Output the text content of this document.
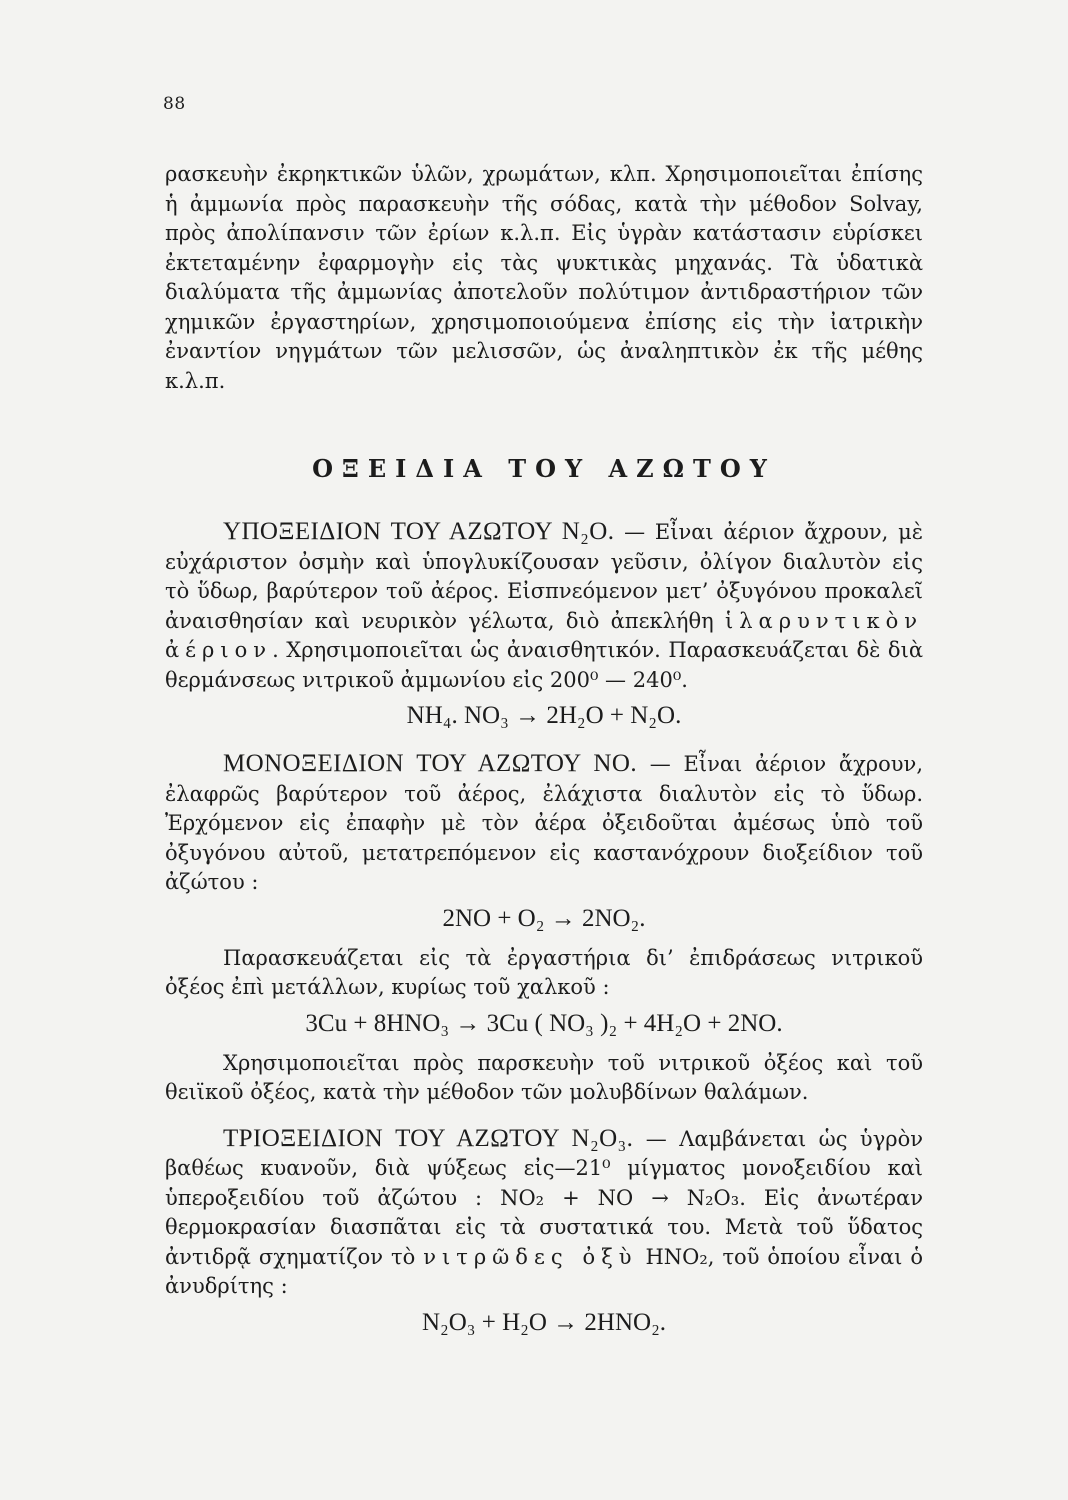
88

ρασκευὴν ἐκρηκτικῶν ὑλῶν, χρωμάτων, κλπ. Χρησιμοποιεῖται ἐπίσης ἡ ἀμμωνία πρὸς παρασκευὴν τῆς σόδας, κατὰ τὴν μέθοδον Solvay, πρὸς ἀπολίπανσιν τῶν ἐρίων κ.λ.π. Εἰς ὑγρὰν κατάστασιν εὑρίσκει ἐκτεταμένην ἐφαρμογὴν εἰς τὰς ψυκτικὰς μηχανάς. Τὰ ὑδατικὰ διαλύματα τῆς ἀμμωνίας ἀποτελοῦν πολύτιμον ἀντιδραστήριον τῶν χημικῶν ἐργαστηρίων, χρησιμοποιούμενα ἐπίσης εἰς τὴν ἰατρικὴν ἐναντίον νηγμάτων τῶν μελισσῶν, ὡς ἀναληπτικὸν ἐκ τῆς μέθης κ.λ.π.

ΟΞΕΙΔΙΑ ΤΟΥ ΑΖΩΤΟΥ

ΥΠΟΞΕΙΔΙΟΝ ΤΟΥ ΑΖΩΤΟΥ N₂O. — Εἶναι ἀέριον ἄχρουν, μὲ εὐχάριστον ὀσμὴν καὶ ὑπογλυκίζουσαν γεῦσιν, ὀλίγον διαλυτὸν εἰς τὸ ὕδωρ, βαρύτερον τοῦ ἀέρος. Εἰσπνεόμενον μετ’ ὀξυγόνου προκαλεῖ ἀναισθησίαν καὶ νευρικὸν γέλωτα, διὸ ἀπεκλήθη ἱλαρυντικὸν ἀέριον. Χρησιμοποιεῖται ὡς ἀναισθητικόν. Παρασκευάζεται δὲ διὰ θερμάνσεως νιτρικοῦ ἀμμωνίου εἰς 200⁰ — 240⁰.

NH₄. NO₃ → 2H₂O + N₂O.

ΜΟΝΟΞΕΙΔΙΟΝ ΤΟΥ ΑΖΩΤΟΥ NO. — Εἶναι ἀέριον ἄχρουν, ἐλαφρῶς βαρύτερον τοῦ ἀέρος, ἐλάχιστα διαλυτὸν εἰς τὸ ὕδωρ. Ἐρχόμενον εἰς ἐπαφὴν μὲ τὸν ἀέρα ὀξειδοῦται ἀμέσως ὑπὸ τοῦ ὀξυγόνου αὐτοῦ, μετατρεπόμενον εἰς καστανόχρουν διοξείδιον τοῦ ἀζώτου :

2NO + O₂ → 2NO₂.

Παρασκευάζεται εἰς τὰ ἐργαστήρια δι’ ἐπιδράσεως νιτρικοῦ ὀξέος ἐπὶ μετάλλων, κυρίως τοῦ χαλκοῦ :

3Cu + 8HNO₃ → 3Cu ( NO₃ )₂ + 4H₂O + 2NO.

Χρησιμοποιεῖται πρὸς παρσκευὴν τοῦ νιτρικοῦ ὀξέος καὶ τοῦ θειϊκοῦ ὀξέος, κατὰ τὴν μέθοδον τῶν μολυβδίνων θαλάμων.

ΤΡΙΟΞΕΙΔΙΟΝ ΤΟΥ ΑΖΩΤΟΥ N₂O₃. — Λαμβάνεται ὡς ὑγρὸν βαθέως κυανοῦν, διὰ ψύξεως εἰς—21⁰ μίγματος μονοξειδίου καὶ ὑπεροξειδίου τοῦ ἀζώτου : NO₂ + NO → N₂O₃. Εἰς ἀνωτέραν θερμοκρασίαν διασπᾶται εἰς τὰ συστατικά του. Μετὰ τοῦ ὕδατος ἀντιδρᾷ σχηματίζον τὸ νιτρῶδες ὀξὺ HNO₂, τοῦ ὁποίου εἶναι ὁ ἀνυδρίτης :

N₂O₃ + H₂O → 2HNO₂.
